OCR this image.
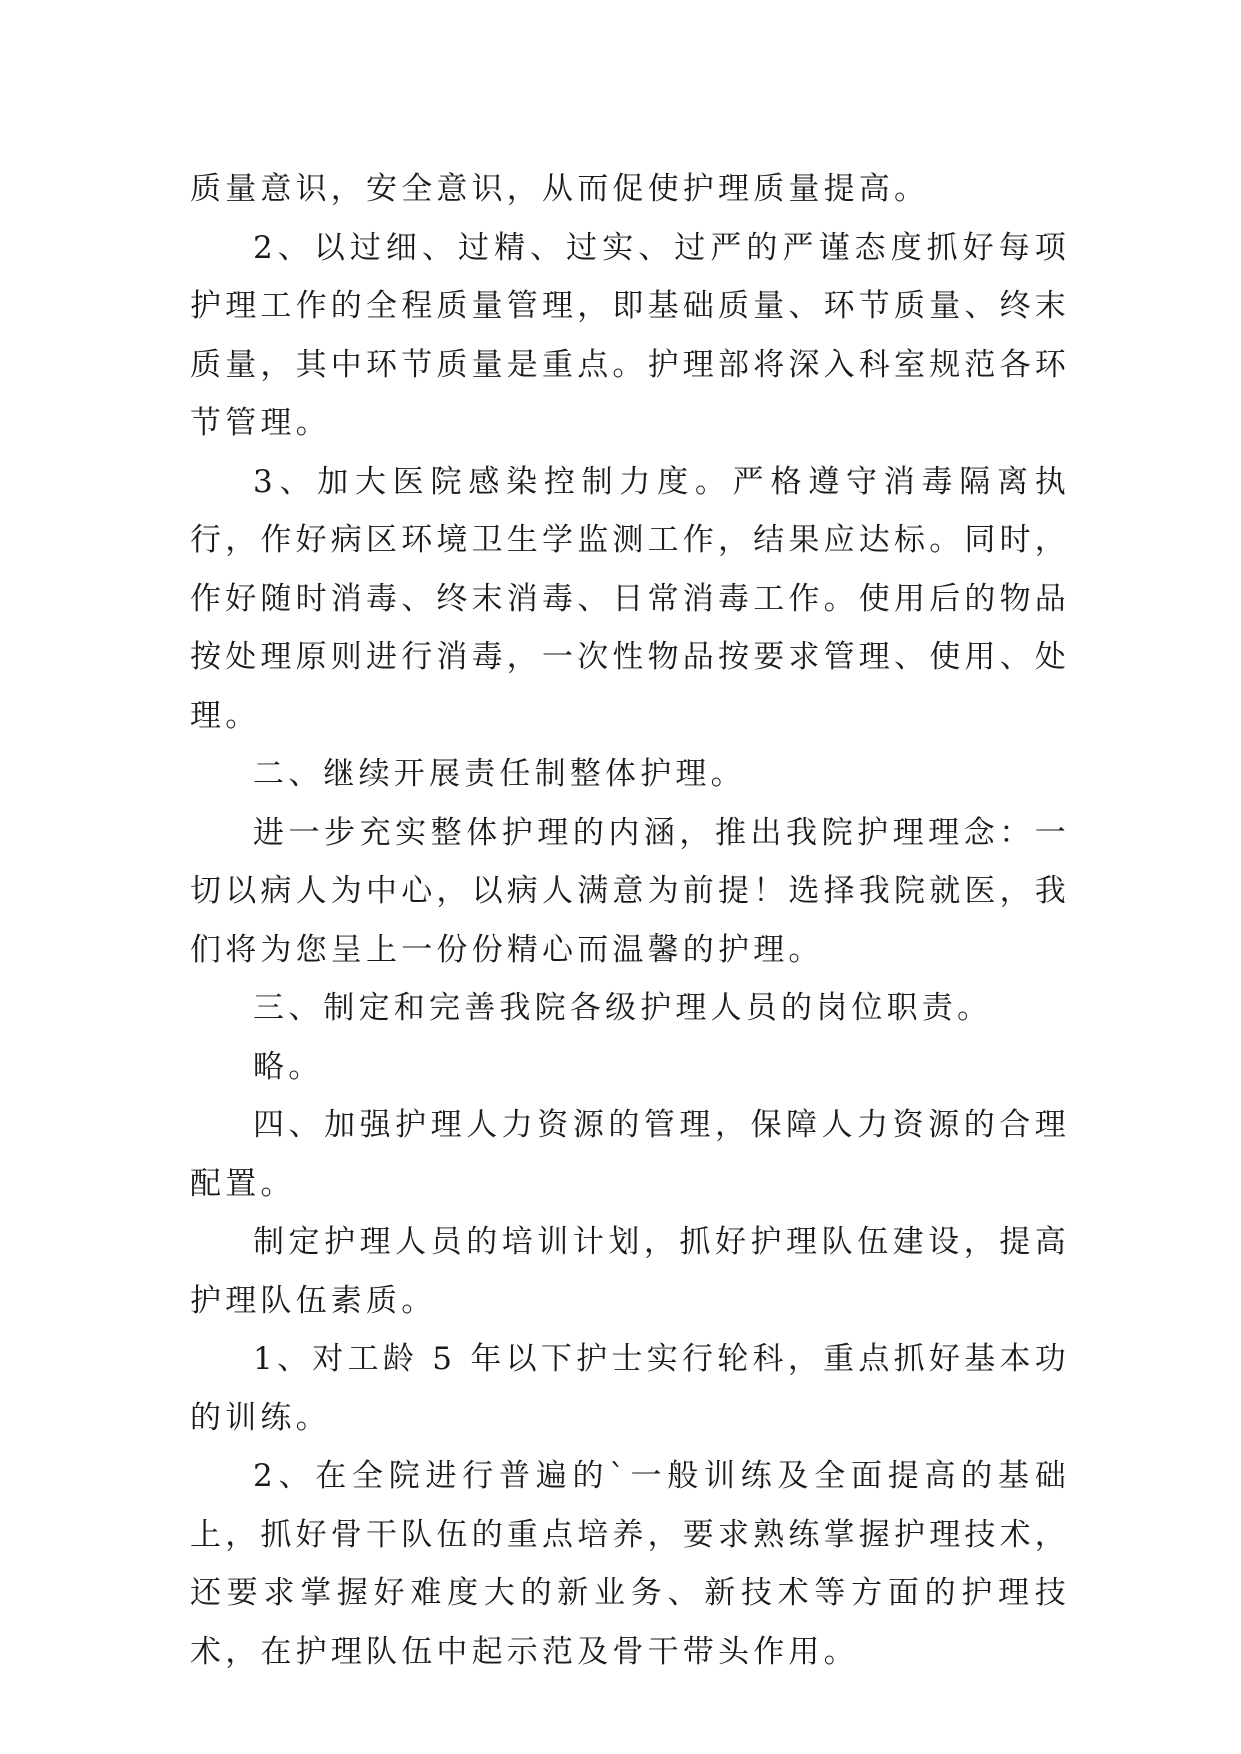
质量意识，安全意识，从而促使护理质量提高。

2、以过细、过精、过实、过严的严谨态度抓好每项护理工作的全程质量管理，即基础质量、环节质量、终末质量，其中环节质量是重点。护理部将深入科室规范各环节管理。

3、加大医院感染控制力度。严格遵守消毒隔离执行，作好病区环境卫生学监测工作，结果应达标。同时，作好随时消毒、终末消毒、日常消毒工作。使用后的物品按处理原则进行消毒，一次性物品按要求管理、使用、处理。

二、继续开展责任制整体护理。

进一步充实整体护理的内涵，推出我院护理理念：一切以病人为中心，以病人满意为前提！选择我院就医，我们将为您呈上一份份精心而温馨的护理。

三、制定和完善我院各级护理人员的岗位职责。

略。

四、加强护理人力资源的管理，保障人力资源的合理配置。

制定护理人员的培训计划，抓好护理队伍建设，提高护理队伍素质。

1、对工龄 5 年以下护士实行轮科，重点抓好基本功的训练。

2、在全院进行普遍的`一般训练及全面提高的基础上，抓好骨干队伍的重点培养，要求熟练掌握护理技术，还要求掌握好难度大的新业务、新技术等方面的护理技术，在护理队伍中起示范及骨干带头作用。
